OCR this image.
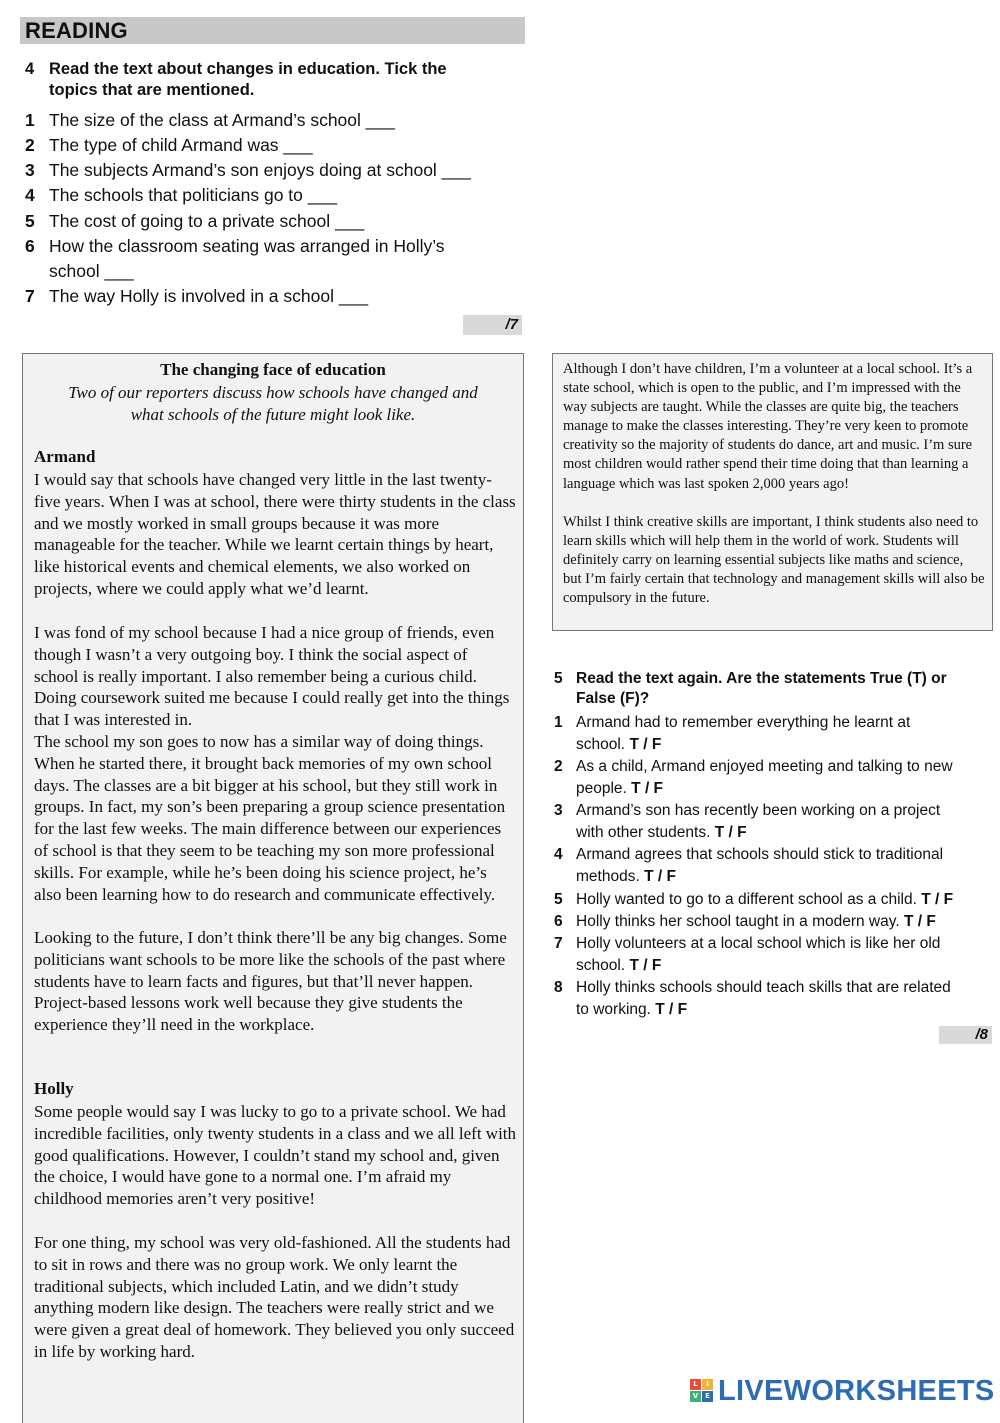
READING
4 Read the text about changes in education. Tick the
topics that are mentioned.
1 The size of the class at Armand’s school ___
2 The type of child Armand was ___
3 The subjects Armand’s son enjoys doing at school ___
4 The schools that politicians go to ___
5 The cost of going to a private school ___
6 How the classroom seating was arranged in Holly’s
school ___
7 The way Holly is involved in a school ___
/7
The changing face of education
Two of our reporters discuss how schools have changed and
what schools of the future might look like.
Armand

I would say that schools have changed very little in the last twenty-five years. When I was at school, there were thirty students in the class and we mostly worked in small groups because it was more manageable for the teacher. While we learnt certain things by heart, like historical events and chemical elements, we also worked on projects, where we could apply what we’d learnt.

I was fond of my school because I had a nice group of friends, even though I wasn’t a very outgoing boy. I think the social aspect of school is really important. I also remember being a curious child. Doing coursework suited me because I could really get into the things that I was interested in.

The school my son goes to now has a similar way of doing things. When he started there, it brought back memories of my own school days. The classes are a bit bigger at his school, but they still work in groups. In fact, my son’s been preparing a group science presentation for the last few weeks. The main difference between our experiences of school is that they seem to be teaching my son more professional skills. For example, while he’s been doing his science project, he’s also been learning how to do research and communicate effectively.

Looking to the future, I don’t think there’ll be any big changes. Some politicians want schools to be more like the schools of the past where students have to learn facts and figures, but that’ll never happen. Project-based lessons work well because they give students the experience they’ll need in the workplace.

Holly

Some people would say I was lucky to go to a private school. We had incredible facilities, only twenty students in a class and we all left with good qualifications. However, I couldn’t stand my school and, given the choice, I would have gone to a normal one. I’m afraid my childhood memories aren’t very positive!

For one thing, my school was very old-fashioned. All the students had to sit in rows and there was no group work. We only learnt the traditional subjects, which included Latin, and we didn’t study anything modern like design. The teachers were really strict and we were given a great deal of homework. They believed you only succeed in life by working hard.

Although I don’t have children, I’m a volunteer at a local school. It’s a state school, which is open to the public, and I’m impressed with the way subjects are taught. While the classes are quite big, the teachers manage to make the classes interesting. They’re very keen to promote creativity so the majority of students do dance, art and music. I’m sure most children would rather spend their time doing that than learning a language which was last spoken 2,000 years ago!

Whilst I think creative skills are important, I think students also need to learn skills which will help them in the world of work. Students will definitely carry on learning essential subjects like maths and science, but I’m fairly certain that technology and management skills will also be compulsory in the future.

5 Read the text again. Are the statements True (T) or
False (F)?
1 Armand had to remember everything he learnt at
school. T / F
2 As a child, Armand enjoyed meeting and talking to new
people. T / F
3 Armand’s son has recently been working on a project
with other students. T / F
4 Armand agrees that schools should stick to traditional
methods. T / F
5 Holly wanted to go to a different school as a child. T / F
6 Holly thinks her school taught in a modern way. T / F
7 Holly volunteers at a local school which is like her old
school. T / F
8 Holly thinks schools should teach skills that are related
to working. T / F
/8
L	I
V E LIVEWORKSHEETS
